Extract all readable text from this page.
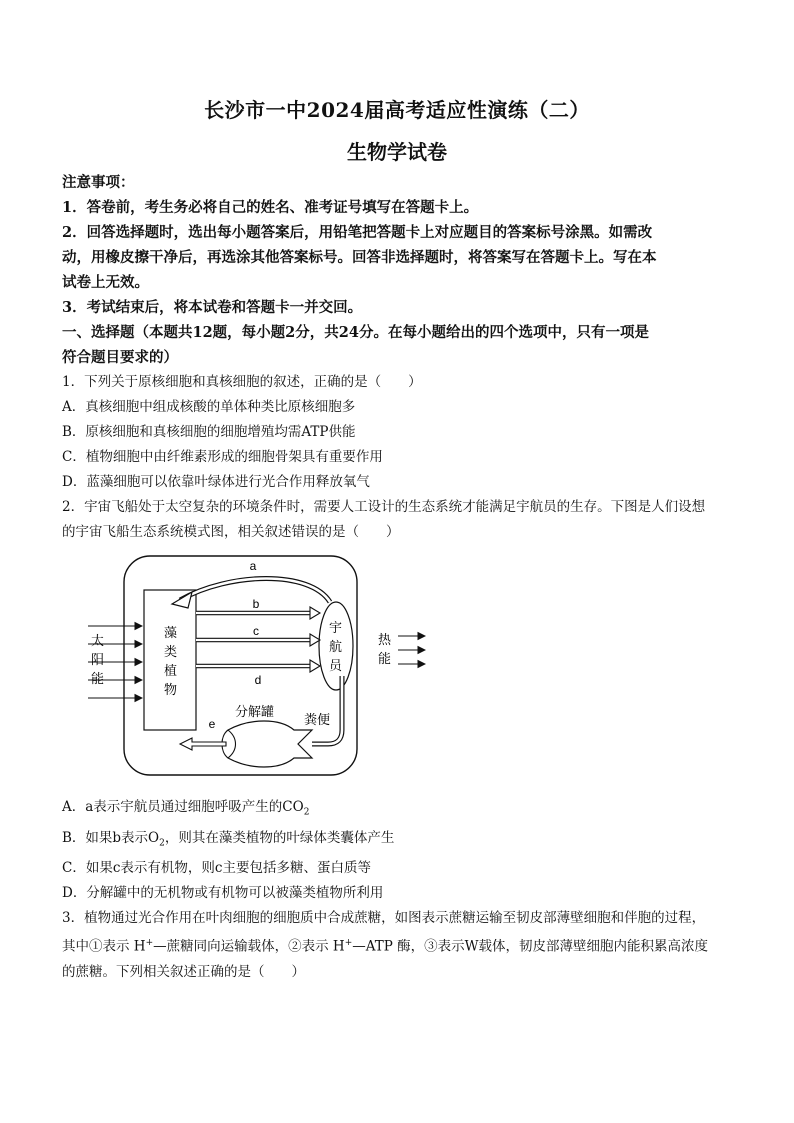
长沙市一中2024届高考适应性演练（二）
生物学试卷
注意事项：
1．答卷前，考生务必将自己的姓名、准考证号填写在答题卡上。
2．回答选择题时，选出每小题答案后，用铅笔把答题卡上对应题目的答案标号涂黑。如需改
动，用橡皮擦干净后，再选涂其他答案标号。回答非选择题时，将答案写在答题卡上。写在本
试卷上无效。
3．考试结束后，将本试卷和答题卡一并交回。
一、选择题（本题共12题，每小题2分，共24分。在每小题给出的四个选项中，只有一项是
符合题目要求的）
1．下列关于原核细胞和真核细胞的叙述，正确的是（　　）
A．真核细胞中组成核酸的单体种类比原核细胞多
B．原核细胞和真核细胞的细胞增殖均需ATP供能
C．植物细胞中由纤维素形成的细胞骨架具有重要作用
D．蓝藻细胞可以依靠叶绿体进行光合作用释放氧气
2．宇宙飞船处于太空复杂的环境条件时，需要人工设计的生态系统才能满足宇航员的生存。下图是人们设想
的宇宙飞船生态系统模式图，相关叙述错误的是（　　）
a
b
c
d
e
太
阳
能
藻
类
植
物
宇
航
员
热
能
分解罐
粪便
A．a表示宇航员通过细胞呼吸产生的$CO_2$
B．如果b表示$O_2$，则其在藻类植物的叶绿体类囊体产生
C．如果c表示有机物，则c主要包括多糖、蛋白质等
D．分解罐中的无机物或有机物可以被藻类植物所利用
3．植物通过光合作用在叶肉细胞的细胞质中合成蔗糖，如图表示蔗糖运输至韧皮部薄壁细胞和伴胞的过程，
其中①表示 H+—蔗糖同向运输载体，②表示 H+—ATP 酶，③表示W载体，韧皮部薄壁细胞内能积累高浓度
的蔗糖。下列相关叙述正确的是（　　）
